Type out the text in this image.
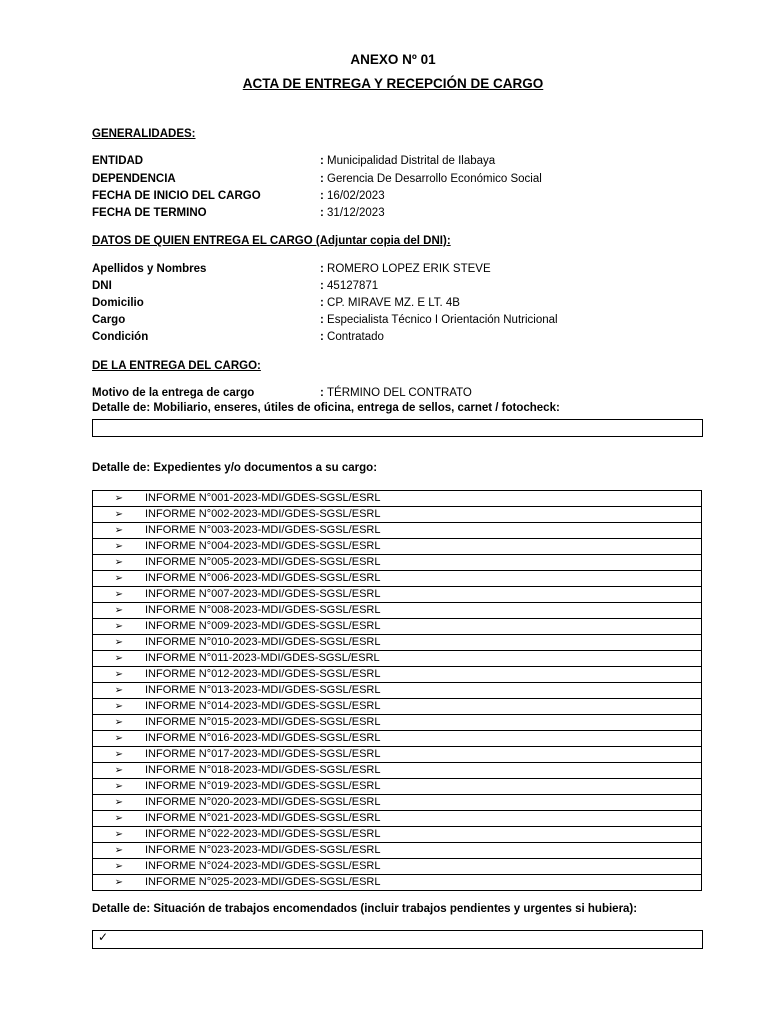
ANEXO Nº 01
ACTA DE ENTREGA Y RECEPCIÓN DE CARGO
GENERALIDADES:
ENTIDAD	: Municipalidad Distrital de Ilabaya
DEPENDENCIA	: Gerencia De Desarrollo Económico Social
FECHA DE INICIO DEL CARGO	: 16/02/2023
FECHA DE TERMINO	: 31/12/2023
DATOS DE QUIEN ENTREGA EL CARGO (Adjuntar copia del DNI):
Apellidos y Nombres	: ROMERO LOPEZ ERIK STEVE
DNI	: 45127871
Domicilio	: CP. MIRAVE MZ. E LT. 4B
Cargo	: Especialista Técnico I Orientación Nutricional
Condición	: Contratado
DE LA ENTREGA DEL CARGO:
Motivo de la entrega de cargo	: TÉRMINO DEL CONTRATO
Detalle de: Mobiliario, enseres, útiles de oficina, entrega de sellos, carnet / fotocheck:
Detalle de: Expedientes y/o documentos a su cargo:
➢ INFORME N°001-2023-MDI/GDES-SGSL/ESRL
➢ INFORME N°002-2023-MDI/GDES-SGSL/ESRL
➢ INFORME N°003-2023-MDI/GDES-SGSL/ESRL
➢ INFORME N°004-2023-MDI/GDES-SGSL/ESRL
➢ INFORME N°005-2023-MDI/GDES-SGSL/ESRL
➢ INFORME N°006-2023-MDI/GDES-SGSL/ESRL
➢ INFORME N°007-2023-MDI/GDES-SGSL/ESRL
➢ INFORME N°008-2023-MDI/GDES-SGSL/ESRL
➢ INFORME N°009-2023-MDI/GDES-SGSL/ESRL
➢ INFORME N°010-2023-MDI/GDES-SGSL/ESRL
➢ INFORME N°011-2023-MDI/GDES-SGSL/ESRL
➢ INFORME N°012-2023-MDI/GDES-SGSL/ESRL
➢ INFORME N°013-2023-MDI/GDES-SGSL/ESRL
➢ INFORME N°014-2023-MDI/GDES-SGSL/ESRL
➢ INFORME N°015-2023-MDI/GDES-SGSL/ESRL
➢ INFORME N°016-2023-MDI/GDES-SGSL/ESRL
➢ INFORME N°017-2023-MDI/GDES-SGSL/ESRL
➢ INFORME N°018-2023-MDI/GDES-SGSL/ESRL
➢ INFORME N°019-2023-MDI/GDES-SGSL/ESRL
➢ INFORME N°020-2023-MDI/GDES-SGSL/ESRL
➢ INFORME N°021-2023-MDI/GDES-SGSL/ESRL
➢ INFORME N°022-2023-MDI/GDES-SGSL/ESRL
➢ INFORME N°023-2023-MDI/GDES-SGSL/ESRL
➢ INFORME N°024-2023-MDI/GDES-SGSL/ESRL
➢ INFORME N°025-2023-MDI/GDES-SGSL/ESRL
Detalle de: Situación de trabajos encomendados (incluir trabajos pendientes y urgentes si hubiera):
✓
